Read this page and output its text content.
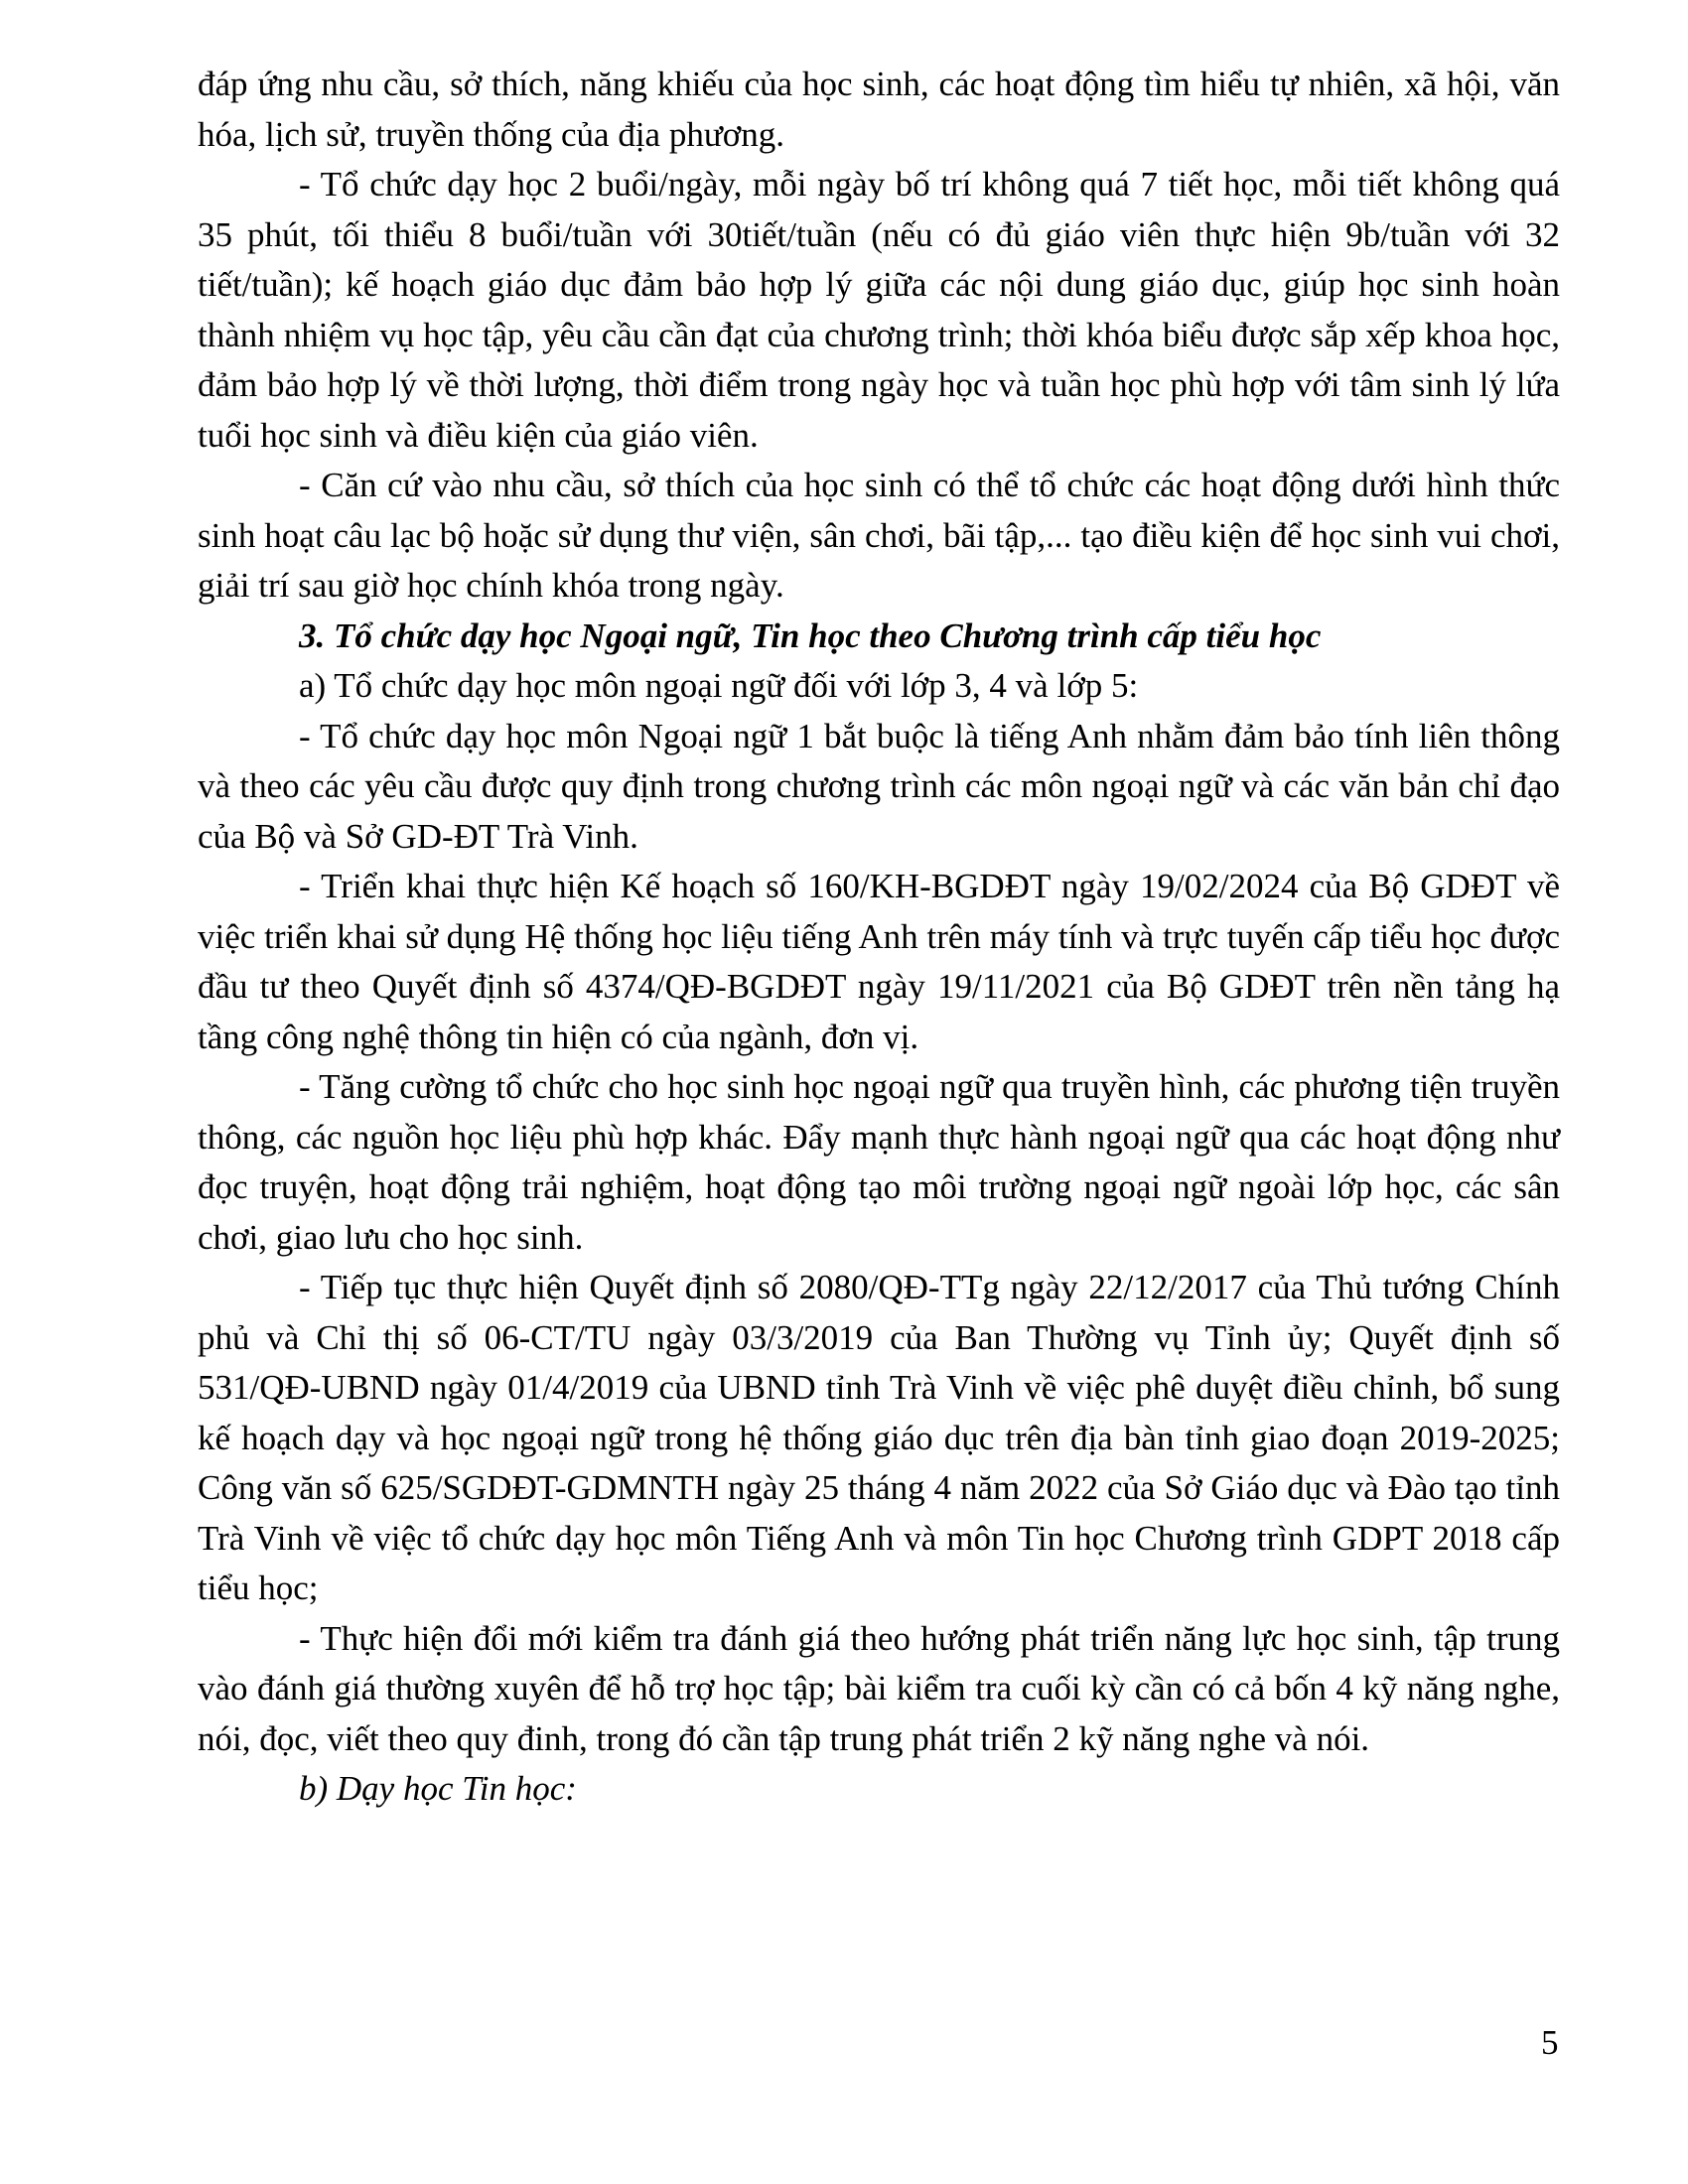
đáp ứng nhu cầu, sở thích, năng khiếu của học sinh, các hoạt động tìm hiểu tự nhiên, xã hội, văn hóa, lịch sử, truyền thống của địa phương.

- Tổ chức dạy học 2 buổi/ngày, mỗi ngày bố trí không quá 7 tiết học, mỗi tiết không quá 35 phút, tối thiểu 8 buổi/tuần với 30tiết/tuần (nếu có đủ giáo viên thực hiện 9b/tuần với 32 tiết/tuần); kế hoạch giáo dục đảm bảo hợp lý giữa các nội dung giáo dục, giúp học sinh hoàn thành nhiệm vụ học tập, yêu cầu cần đạt của chương trình; thời khóa biểu được sắp xếp khoa học, đảm bảo hợp lý về thời lượng, thời điểm trong ngày học và tuần học phù hợp với tâm sinh lý lứa tuổi học sinh và điều kiện của giáo viên.

- Căn cứ vào nhu cầu, sở thích của học sinh có thể tổ chức các hoạt động dưới hình thức sinh hoạt câu lạc bộ hoặc sử dụng thư viện, sân chơi, bãi tập,... tạo điều kiện để học sinh vui chơi, giải trí sau giờ học chính khóa trong ngày.

3. Tổ chức dạy học Ngoại ngữ, Tin học theo Chương trình cấp tiểu học

a) Tổ chức dạy học môn ngoại ngữ đối với lớp 3, 4 và lớp 5:

- Tổ chức dạy học môn Ngoại ngữ 1 bắt buộc là tiếng Anh nhằm đảm bảo tính liên thông và theo các yêu cầu được quy định trong chương trình các môn ngoại ngữ và các văn bản chỉ đạo của Bộ và Sở GD-ĐT Trà Vinh.

- Triển khai thực hiện Kế hoạch số 160/KH-BGDĐT ngày 19/02/2024 của Bộ GDĐT về việc triển khai sử dụng Hệ thống học liệu tiếng Anh trên máy tính và trực tuyến cấp tiểu học được đầu tư theo Quyết định số 4374/QĐ-BGDĐT ngày 19/11/2021 của Bộ GDĐT trên nền tảng hạ tầng công nghệ thông tin hiện có của ngành, đơn vị.

- Tăng cường tổ chức cho học sinh học ngoại ngữ qua truyền hình, các phương tiện truyền thông, các nguồn học liệu phù hợp khác. Đẩy mạnh thực hành ngoại ngữ qua các hoạt động như đọc truyện, hoạt động trải nghiệm, hoạt động tạo môi trường ngoại ngữ ngoài lớp học, các sân chơi, giao lưu cho học sinh.

- Tiếp tục thực hiện Quyết định số 2080/QĐ-TTg ngày 22/12/2017 của Thủ tướng Chính phủ và Chỉ thị số 06-CT/TU ngày 03/3/2019 của Ban Thường vụ Tỉnh ủy; Quyết định số 531/QĐ-UBND ngày 01/4/2019 của UBND tỉnh Trà Vinh về việc phê duyệt điều chỉnh, bổ sung kế hoạch dạy và học ngoại ngữ trong hệ thống giáo dục trên địa bàn tỉnh giao đoạn 2019-2025; Công văn số 625/SGDĐT-GDMNTH ngày 25 tháng 4 năm 2022 của Sở Giáo dục và Đào tạo tỉnh Trà Vinh về việc tổ chức dạy học môn Tiếng Anh và môn Tin học Chương trình GDPT 2018 cấp tiểu học;

- Thực hiện đổi mới kiểm tra đánh giá theo hướng phát triển năng lực học sinh, tập trung vào đánh giá thường xuyên để hỗ trợ học tập; bài kiểm tra cuối kỳ cần có cả bốn 4 kỹ năng nghe, nói, đọc, viết theo quy đinh, trong đó cần tập trung phát triển 2 kỹ năng nghe và nói.

b) Dạy học Tin học:

5
